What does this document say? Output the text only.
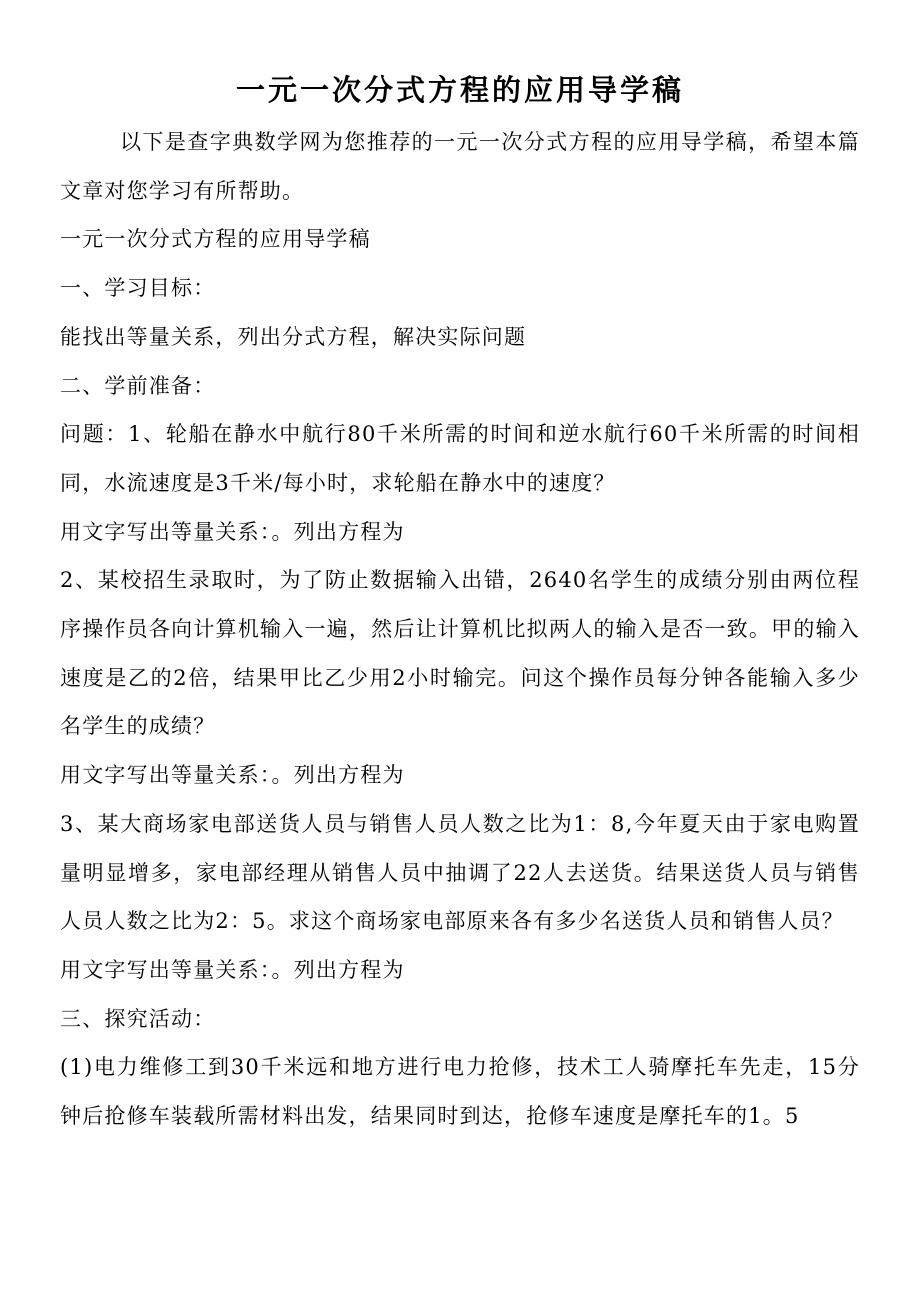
一元一次分式方程的应用导学稿

以下是查字典数学网为您推荐的一元一次分式方程的应用导学稿，希望本篇文章对您学习有所帮助。

一元一次分式方程的应用导学稿

一、学习目标：

能找出等量关系，列出分式方程，解决实际问题

二、学前准备：

问题：1、轮船在静水中航行80千米所需的时间和逆水航行60千米所需的时间相同，水流速度是3千米/每小时，求轮船在静水中的速度？

用文字写出等量关系：。列出方程为

2、某校招生录取时，为了防止数据输入出错，2640名学生的成绩分别由两位程序操作员各向计算机输入一遍，然后让计算机比拟两人的输入是否一致。甲的输入速度是乙的2倍，结果甲比乙少用2小时输完。问这个操作员每分钟各能输入多少名学生的成绩？

用文字写出等量关系：。列出方程为

3、某大商场家电部送货人员与销售人员人数之比为1：8,今年夏天由于家电购置量明显增多，家电部经理从销售人员中抽调了22人去送货。结果送货人员与销售人员人数之比为2：5。求这个商场家电部原来各有多少名送货人员和销售人员？

用文字写出等量关系：。列出方程为

三、探究活动：

(1)电力维修工到30千米远和地方进行电力抢修，技术工人骑摩托车先走，15分钟后抢修车装载所需材料出发，结果同时到达，抢修车速度是摩托车的1。5
